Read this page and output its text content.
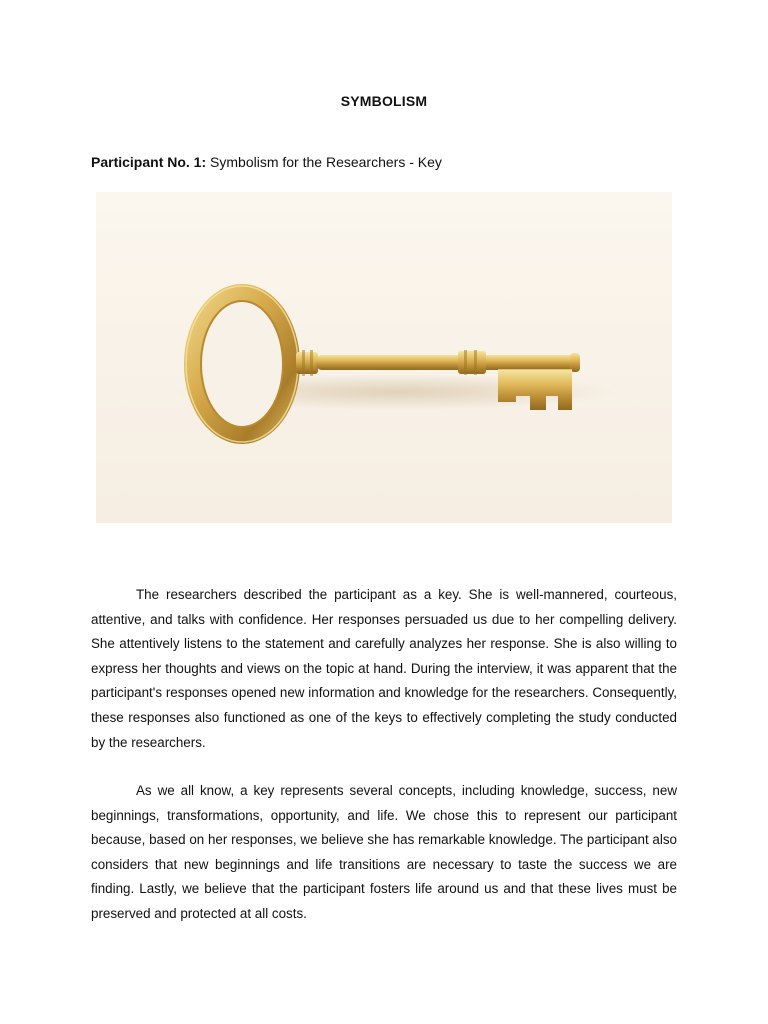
SYMBOLISM
Participant No. 1: Symbolism for the Researchers - Key

The researchers described the participant as a key. She is well-mannered, courteous, attentive, and talks with confidence. Her responses persuaded us due to her compelling delivery. She attentively listens to the statement and carefully analyzes her response. She is also willing to express her thoughts and views on the topic at hand. During the interview, it was apparent that the participant's responses opened new information and knowledge for the researchers. Consequently, these responses also functioned as one of the keys to effectively completing the study conducted by the researchers.

As we all know, a key represents several concepts, including knowledge, success, new beginnings, transformations, opportunity, and life. We chose this to represent our participant because, based on her responses, we believe she has remarkable knowledge. The participant also considers that new beginnings and life transitions are necessary to taste the success we are finding. Lastly, we believe that the participant fosters life around us and that these lives must be preserved and protected at all costs.
